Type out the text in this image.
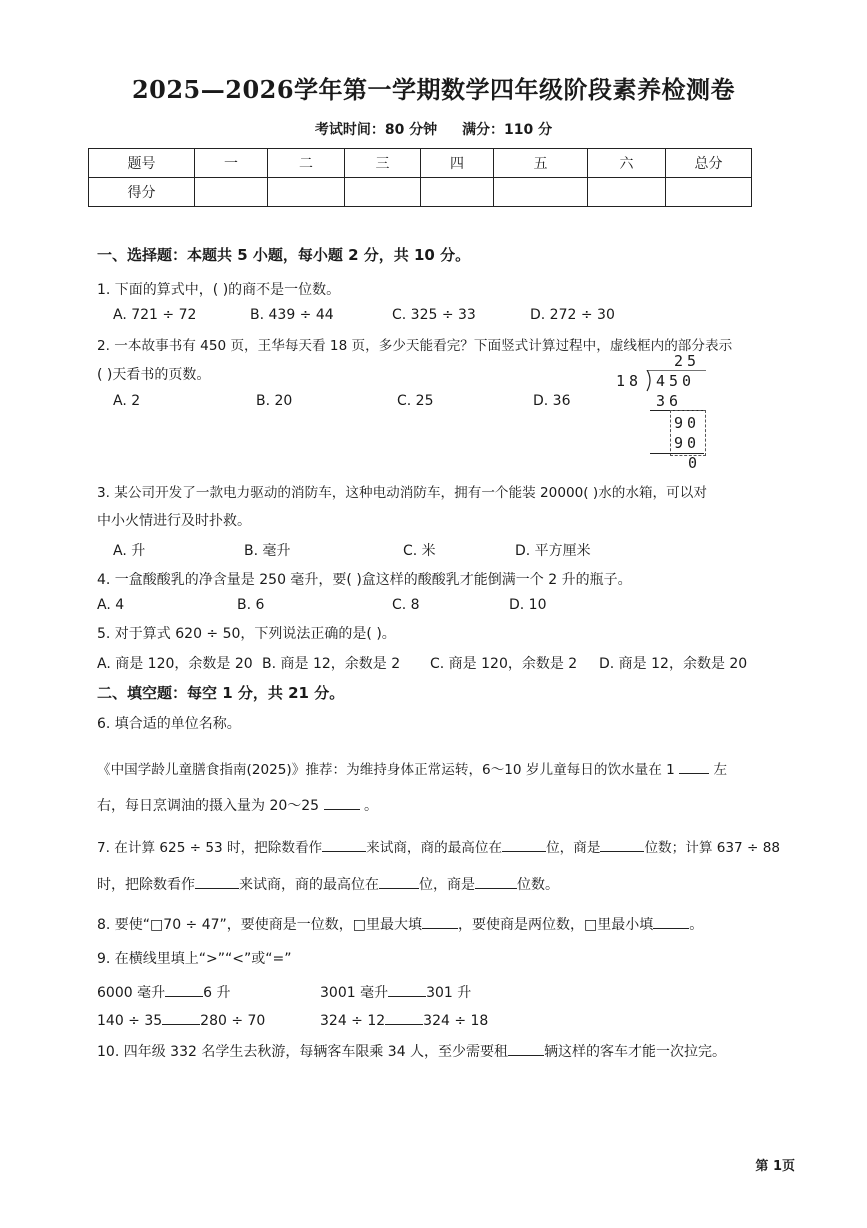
2025—2026学年第一学期数学四年级阶段素养检测卷
考试时间：80 分钟 满分：110 分
题号	一	二	三	四	五	六	总分
得分							
一、选择题：本题共 5 小题，每小题 2 分，共 10 分。
1. 下面的算式中，( )的商不是一位数。
A. 721 ÷ 72	B. 439 ÷ 44	C. 325 ÷ 33	D. 272 ÷ 30
2. 一本故事书有 450 页，王华每天看 18 页，多少天能看完？下面竖式计算过程中，虚线框内的部分表示
( )天看书的页数。
A. 2	B. 20	C. 25	D. 36
25
18 450
36
90
90
0
3. 某公司开发了一款电力驱动的消防车，这种电动消防车，拥有一个能装 20000( )水的水箱，可以对
中小火情进行及时扑救。
A. 升	B. 毫升	C. 米	D. 平方厘米
4. 一盒酸酸乳的净含量是 250 毫升，要( )盒这样的酸酸乳才能倒满一个 2 升的瓶子。
A. 4	B. 6	C. 8	D. 10
5. 对于算式 620 ÷ 50，下列说法正确的是( )。
A. 商是 120，余数是 20 B. 商是 12，余数是 2 C. 商是 120，余数是 2 D. 商是 12，余数是 20
二、填空题：每空 1 分，共 21 分。
6. 填合适的单位名称。
《中国学龄儿童膳食指南(2025)》推荐：为维持身体正常运转，6～10 岁儿童每日的饮水量在 1	左
右，每日烹调油的摄入量为 20～25	。
7. 在计算 625 ÷ 53 时，把除数看作	来试商，商的最高位在	位，商是	位数；计算 637 ÷ 88
时，把除数看作	来试商，商的最高位在	位，商是	位数。
8. 要使“□70 ÷ 47”，要使商是一位数，□里最大填	，要使商是两位数，□里最小填	。
9. 在横线里填上“>”“<”或“=”
6000 毫升	6 升	3001 毫升	301 升
140 ÷ 35	280 ÷ 70	324 ÷ 12	324 ÷ 18
10. 四年级 332 名学生去秋游，每辆客车限乘 34 人，至少需要租	辆这样的客车才能一次拉完。
第 1页
